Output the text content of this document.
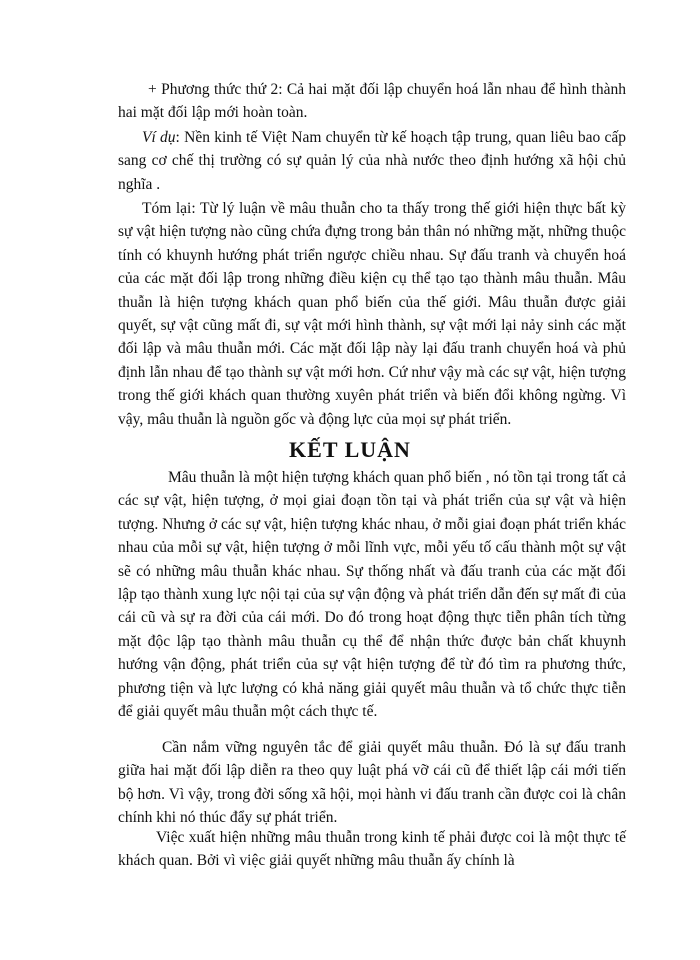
+ Phương thức thứ 2: Cả hai mặt đối lập chuyển hoá lẫn nhau để hình thành hai mặt đối lập mới hoàn toàn.

Ví dụ: Nền kinh tế Việt Nam chuyển từ kế hoạch tập trung, quan liêu bao cấp sang cơ chế thị trường có sự quản lý của nhà nước theo định hướng xã hội chủ nghĩa .

Tóm lại: Từ lý luận về mâu thuẫn cho ta thấy trong thế giới hiện thực bất kỳ sự vật hiện tượng nào cũng chứa đựng trong bản thân nó những mặt, những thuộc tính có khuynh hướng phát triển ngược chiều nhau. Sự đấu tranh và chuyển hoá của các mặt đối lập trong những điều kiện cụ thể tạo tạo thành mâu thuẫn. Mâu thuẫn là hiện tượng khách quan phổ biến của thế giới. Mâu thuẫn được giải quyết, sự vật cũng mất đi, sự vật mới hình thành, sự vật mới lại nảy sinh các mặt đối lập và mâu thuẫn mới. Các mặt đối lập này lại đấu tranh chuyển hoá và phủ định lẫn nhau để tạo thành sự vật mới hơn. Cứ như vậy mà các sự vật, hiện tượng trong thế giới khách quan thường xuyên phát triển và biến đổi không ngừng. Vì vậy, mâu thuẫn là nguồn gốc và động lực của mọi sự phát triển.

KẾT LUẬN

Mâu thuẫn là một hiện tượng khách quan phổ biến , nó tồn tại trong tất cả các sự vật, hiện tượng, ở mọi giai đoạn tồn tại và phát triển của sự vật và hiện tượng. Nhưng ở các sự vật, hiện tượng khác nhau, ở mỗi giai đoạn phát triển khác nhau của mỗi sự vật, hiện tượng ở mỗi lĩnh vực, mỗi yếu tố cấu thành một sự vật sẽ có những mâu thuẫn khác nhau. Sự thống nhất và đấu tranh của các mặt đối lập tạo thành xung lực nội tại của sự vận động và phát triển dẫn đến sự mất đi của cái cũ và sự ra đời của cái mới. Do đó trong hoạt động thực tiễn phân tích từng mặt độc lập tạo thành mâu thuẫn cụ thể để nhận thức được bản chất khuynh hướng vận động, phát triển của sự vật hiện tượng để từ đó tìm ra phương thức, phương tiện và lực lượng có khả năng giải quyết mâu thuẫn và tổ chức thực tiễn để giải quyết mâu thuẫn một cách thực tế.

Cần nắm vững nguyên tắc để giải quyết mâu thuẫn. Đó là sự đấu tranh giữa hai mặt đối lập diễn ra theo quy luật phá vỡ cái cũ để thiết lập cái mới tiến bộ hơn. Vì vậy, trong đời sống xã hội, mọi hành vi đấu tranh cần được coi là chân chính khi nó thúc đẩy sự phát triển.

Việc xuất hiện những mâu thuẫn trong kinh tế phải được coi là một thực tế khách quan. Bởi vì việc giải quyết những mâu thuẫn ấy chính là
